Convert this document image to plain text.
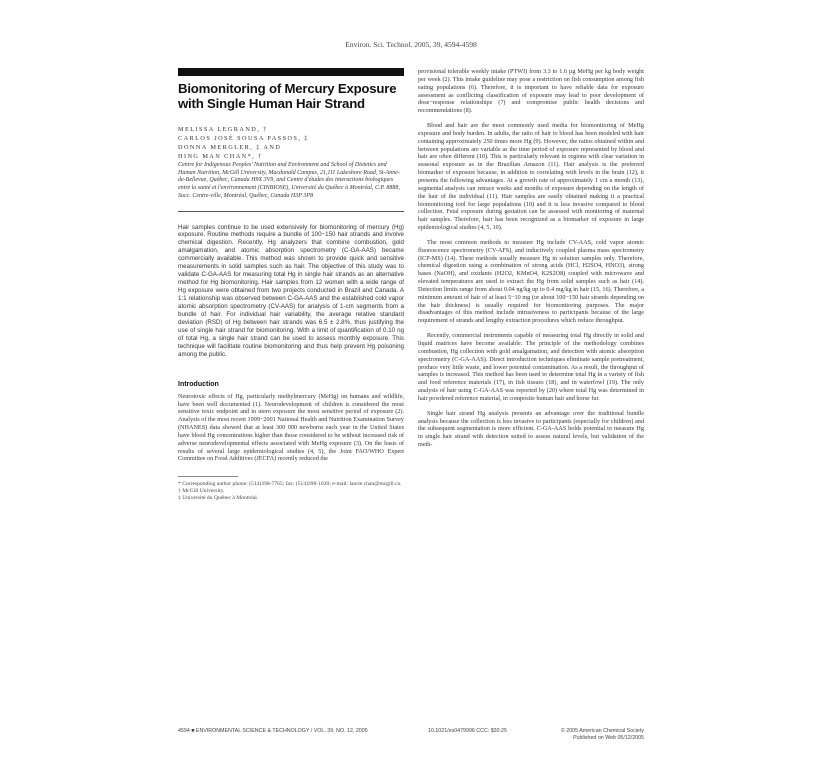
Environ. Sci. Technol. 2005, 39, 4594-4598
Biomonitoring of Mercury Exposure with Single Human Hair Strand
MELISSA LEGRAND, †
CARLOS JOSÉ SOUSA PASSOS, ‡
DONNA MERGLER, ‡ AND
HING MAN CHAN*, †
Centre for Indigenous Peoples' Nutrition and Environment and School of Dietetics and Human Nutrition, McGill University, Macdonald Campus, 21,111 Lakeshore Road, St-Anne-de-Bellevue, Québec, Canada H9X 3V9, and Centre d'études des interactions biologiques entre la santé et l'environnement (CINBIOSE), Université du Québec à Montréal, C.P. 8888, Succ. Centre-ville, Montréal, Québec, Canada H3P 3P8
Hair samples continue to be used extensively for biomonitoring of mercury (Hg) exposure. Routine methods require a bundle of 100−150 hair strands and involve chemical digestion. Recently, Hg analyzers that combine combustion, gold amalgamation, and atomic absorption spectrometry (C-GA-AAS) became commercially available. This method was shown to provide quick and sensitive measurements in solid samples such as hair. The objective of this study was to validate C-GA-AAS for measuring total Hg in single hair strands as an alternative method for Hg biomonitoring. Hair samples from 12 women with a wide range of Hg exposure were obtained from two projects conducted in Brazil and Canada. A 1:1 relationship was observed between C-GA-AAS and the established cold vapor atomic absorption spectrometry (CV-AAS) for analysis of 1-cm segments from a bundle of hair. For individual hair variability, the average relative standard deviation (RSD) of Hg between hair strands was 6.5 ± 2.8%, thus justifying the use of single hair strand for biomonitoring. With a limit of quantification of 0.10 ng of total Hg, a single hair strand can be used to assess monthly exposure. This technique will facilitate routine biomonitoring and thus help prevent Hg poisoning among the public.
Introduction

Neurotoxic effects of Hg, particularly methylmercury (MeHg) on humans and wildlife, have been well documented (1). Neurodevelopment of children is considered the most sensitive toxic endpoint and in utero exposure the most sensitive period of exposure (2). Analysis of the most recent 1999−2001 National Health and Nutrition Examination Survey (NHANES) data showed that at least 300 000 newborns each year in the United States have blood Hg concentrations higher than those considered to be without increased risk of adverse neurodevelopmental effects associated with MeHg exposure (3). On the basis of results of several large epidemiological studies (4, 5), the Joint FAO/WHO Expert Committee on Food Additives (JECFA) recently reduced the

* Corresponding author phone: (514)398-7765; fax: (514)398-1020; e-mail: laurie.chan@mcgill.ca.
† McGill University.
‡ Université du Québec à Montréal.

provisional tolerable weekly intake (PTWI) from 3.3 to 1.6 µg MeHg per kg body weight per week (2). This intake guideline may pose a restriction on fish consumption among fish eating populations (6). Therefore, it is important to have reliable data for exposure assessment as conflicting classification of exposure may lead to poor development of dose−response relationships (7) and compromise public health decisions and recommendations (8).

Blood and hair are the most commonly used media for biomonitoring of MeHg exposure and body burden. In adults, the ratio of hair to blood has been modeled with hair containing approximately 250 times more Hg (9). However, the ratios obtained within and between populations are variable as the time period of exposure represented by blood and hair are often different (10). This is particularly relevant in regions with clear variation in seasonal exposure as in the Brazilian Amazon (11). Hair analysis is the preferred biomarker of exposure because, in addition to correlating with levels in the brain (12), it presents the following advantages. At a growth rate of approximately 1 cm a month (13), segmental analysis can retrace weeks and months of exposure depending on the length of the hair of the individual (11). Hair samples are easily obtained making it a practical biomonitoring tool for large populations (10) and it is less invasive compared to blood collection. Fetal exposure during gestation can be assessed with monitoring of maternal hair samples. Therefore, hair has been recognized as a biomarker of exposure in large epidemiological studies (4, 5, 10).

The most common methods to measure Hg include CV-AAS, cold vapor atomic fluorescence spectrometry (CV-AFS), and inductively coupled plasma mass spectrometry (ICP-MS) (14). These methods usually measure Hg in solution samples only. Therefore, chemical digestion using a combination of strong acids (HCl, H2SO4, HNO3), strong bases (NaOH), and oxidants (H2O2, KMnO4, K2S2O8) coupled with microwave and elevated temperatures are used to extract the Hg from solid samples such as hair (14). Detection limits range from about 0.04 ng/kg up to 0.4 mg/kg in hair (15, 16). Therefore, a minimum amount of hair of at least 5−10 mg (or about 100−150 hair strands depending on the hair thickness) is usually required for biomonitoring purposes. The major disadvantages of this method include intrusiveness to participants because of the large requirement of strands and lengthy extraction procedures which reduce throughput.

Recently, commercial instruments capable of measuring total Hg directly in solid and liquid matrices have become available. The principle of the methodology combines combustion, Hg collection with gold amalgamation, and detection with atomic absorption spectrometry (C-GA-AAS). Direct introduction techniques eliminate sample pretreatment, produce very little waste, and lower potential contamination. As a result, the throughput of samples is increased. This method has been used to determine total Hg in a variety of fish and food reference materials (17), in fish tissues (18), and in waterfowl (19). The only analysis of hair using C-GA-AAS was reported by (20) where total Hg was determined in hair powdered reference material, in composite human hair and horse fur.

Single hair strand Hg analysis presents an advantage over the traditional bundle analysis because the collection is less invasive to participants (especially for children) and the subsequent segmentation is more efficient. C-GA-AAS holds potential to measure Hg in single hair strand with detection suited to assess natural levels, but validation of the meth-

4594 ■ ENVIRONMENTAL SCIENCE & TECHNOLOGY / VOL. 39, NO. 12, 2005	10.1021/es0479996 CCC: $30.25	© 2005 American Chemical Society
Published on Web 05/12/2005
